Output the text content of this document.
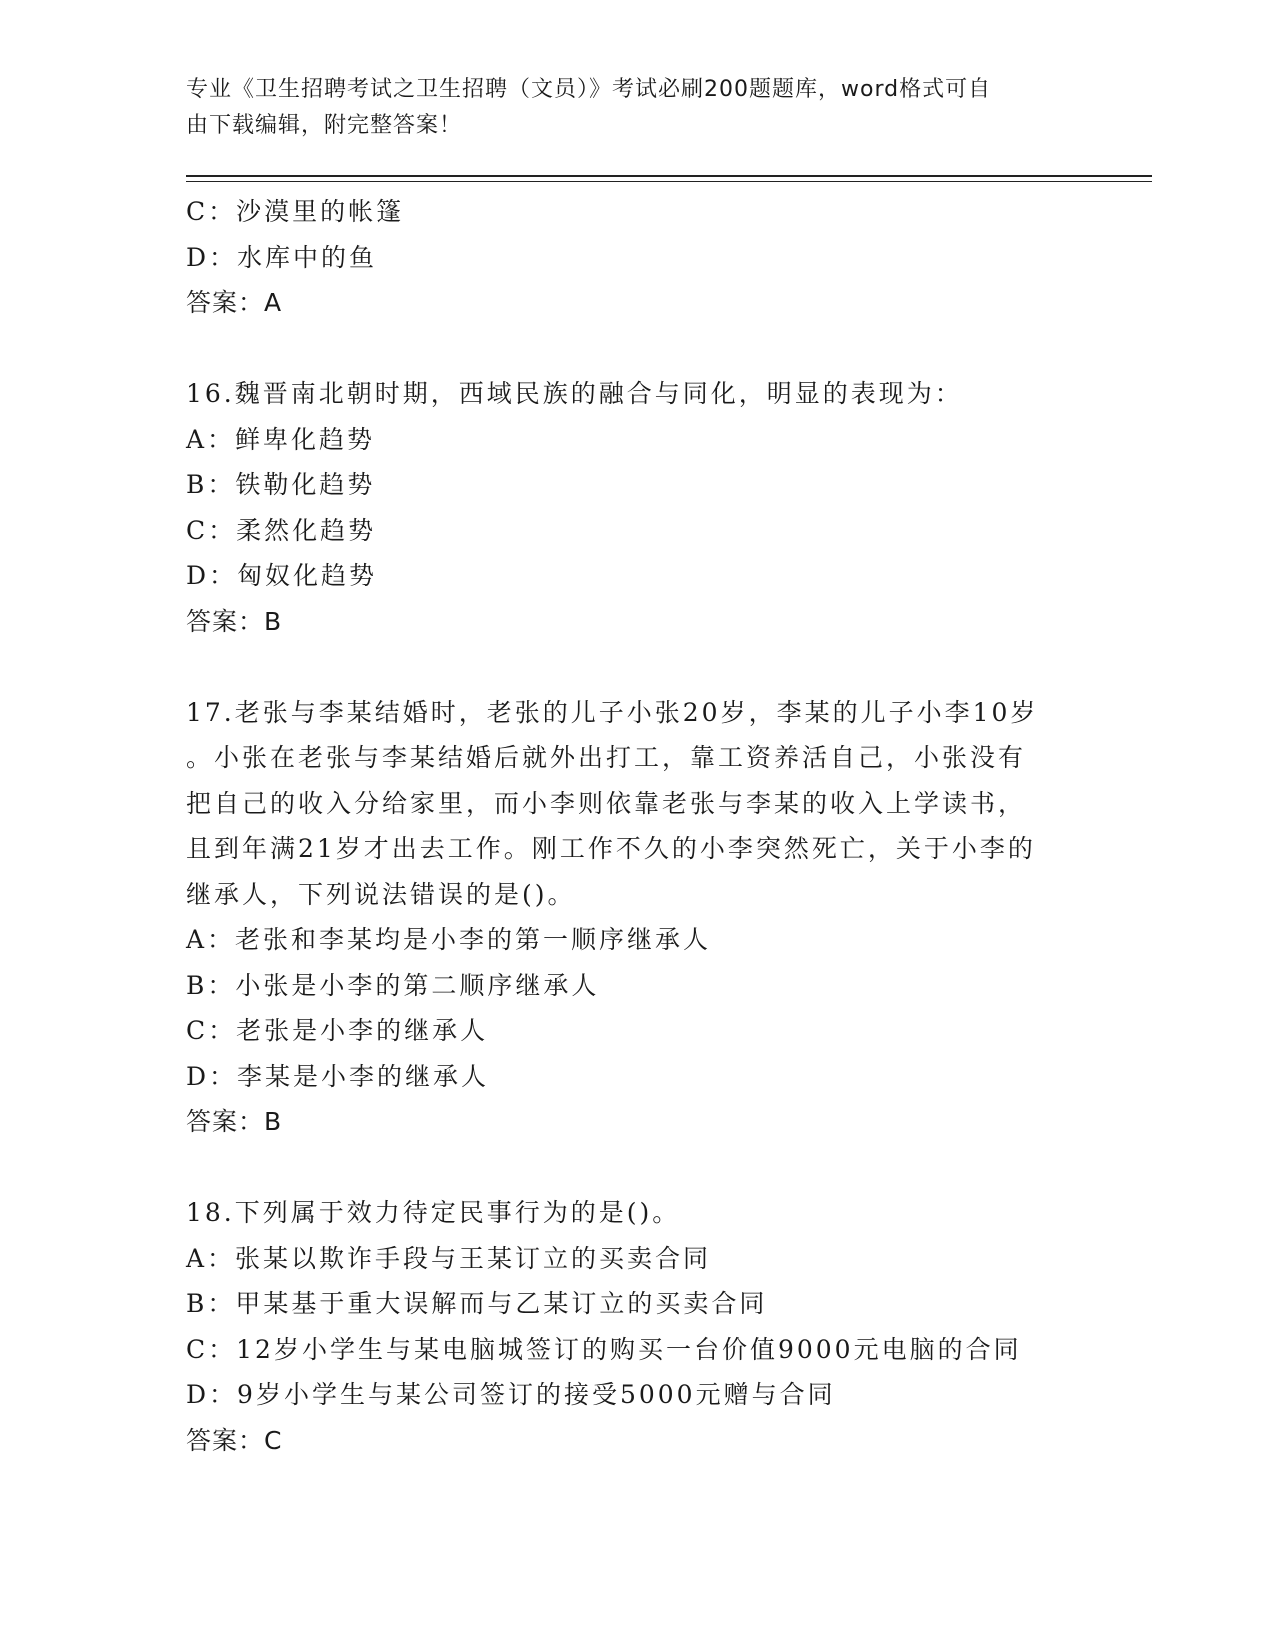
专业《卫生招聘考试之卫生招聘（文员）》考试必刷200题题库，word格式可自
由下载编辑，附完整答案！
C：沙漠里的帐篷
D：水库中的鱼
答案：A
16.魏晋南北朝时期，西域民族的融合与同化，明显的表现为：
A：鲜卑化趋势
B：铁勒化趋势
C：柔然化趋势
D：匈奴化趋势
答案：B
17.老张与李某结婚时，老张的儿子小张20岁，李某的儿子小李10岁
。小张在老张与李某结婚后就外出打工，靠工资养活自己，小张没有
把自己的收入分给家里，而小李则依靠老张与李某的收入上学读书，
且到年满21岁才出去工作。刚工作不久的小李突然死亡，关于小李的
继承人，下列说法错误的是()。
A：老张和李某均是小李的第一顺序继承人
B：小张是小李的第二顺序继承人
C：老张是小李的继承人
D：李某是小李的继承人
答案：B
18.下列属于效力待定民事行为的是()。
A：张某以欺诈手段与王某订立的买卖合同
B：甲某基于重大误解而与乙某订立的买卖合同
C：12岁小学生与某电脑城签订的购买一台价值9000元电脑的合同
D：9岁小学生与某公司签订的接受5000元赠与合同
答案：C
